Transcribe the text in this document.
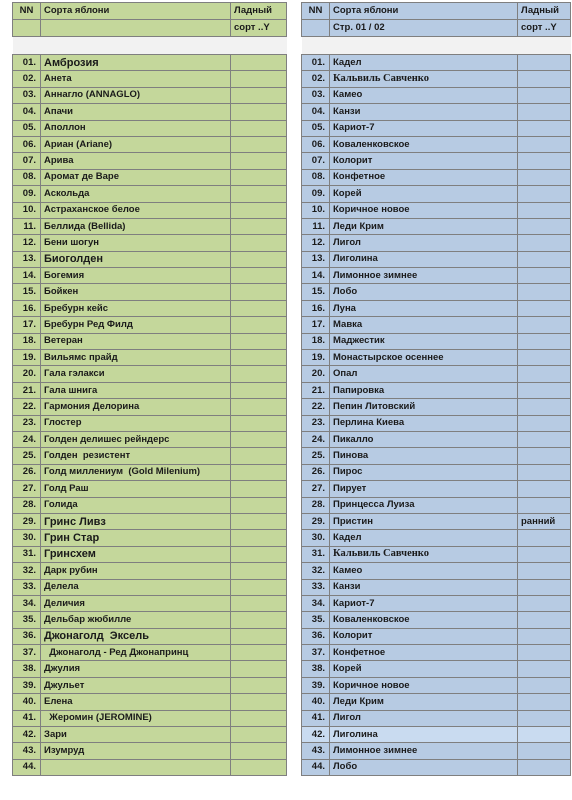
NN	Сорта яблони	Ладный
		сорт ..Y

01.	Амброзия	
02.	Анета	
03.	Аннагло (ANNAGLO)	
04.	Апачи	
05.	Аполлон	
06.	Ариан (Ariane)	
07.	Арива	
08.	Аромат де Варе	
09.	Аскольда	
10.	Астраханское белое	
11.	Беллида (Bellida)	
12.	Бени шогун	
13.	Биоголден	
14.	Богемия	
15.	Бойкен	
16.	Бребурн кейс	
17.	Бребурн Ред Филд	
18.	Ветеран	
19.	Вильямс прайд	
20.	Гала гэлакси	
21.	Гала шнига	
22.	Гармония Делорина	
23.	Глостер	
24.	Голден делишес рейндерс	
25.	Голден  резистент	
26.	Голд миллениум  (Gold Milenium)	
27.	Голд Раш	
28.	Голида	
29.	Гринс Ливз	
30.	Грин Стар	
31.	Гринсхем	
32.	Дарк рубин	
33.	Делела	
34.	Деличия	
35.	Дельбар жюбилле	
36.	Джонаголд  Эксель	
37.	Джонаголд - Ред Джонапринц	
38.	Джулия	
39.	Джульет	
40.	Елена	
41.	Жеромин (JEROMINE)	
42.	Зари	
43.	Изумруд	
44.		
NN	Сорта яблони	Ладный
	Стр. 01 / 02	сорт ..Y

01.	Кадел	
02.	Кальвиль Савченко	
03.	Камео	
04.	Канзи	
05.	Кариот-7	
06.	Коваленковское	
07.	Колорит	
08.	Конфетное	
09.	Корей	
10.	Коричное новое	
11.	Леди Крим	
12.	Лигол	
13.	Лиголина	
14.	Лимонное зимнее	
15.	Лобо	
16.	Луна	
17.	Мавка	
18.	Маджестик	
19.	Монастырское осеннее	
20.	Опал	
21.	Папировка	
22.	Пепин Литовский	
23.	Перлина Киева	
24.	Пикалло	
25.	Пинова	
26.	Пирос	
27.	Пирует	
28.	Принцесса Луиза	
29.	Пристин	ранний
30.	Кадел	
31.	Кальвиль Савченко	
32.	Камео	
33.	Канзи	
34.	Кариот-7	
35.	Коваленковское	
36.	Колорит	
37.	Конфетное	
38.	Корей	
39.	Коричное новое	
40.	Леди Крим	
41.	Лигол	
42.	Лиголина	
43.	Лимонное зимнее	
44.	Лобо	
